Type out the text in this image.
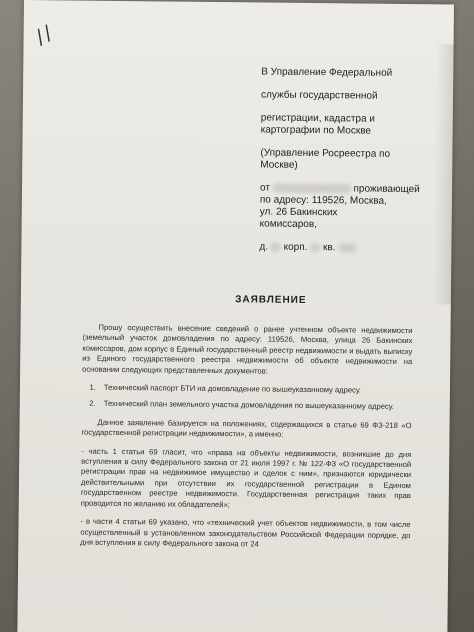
//
В Управление Федеральной
службы государственной
регистрации, кадастра и
картографии по Москве
(Управление Росреестра по
Москве)
от	проживающей
по адресу: 119526, Москва,
ул. 26 Бакинских
комиссаров,
д. корп. кв.
ЗАЯВЛЕНИЕ

Прошу осуществить внесение сведений о ранее учтенном объекте недвижимости (земельный участок домовладения по адресу: 119526, Москва, улица 26 Бакинских комиссаров, дом корпус в Единый государственный реестр недвижимости и выдать выписку из Единого государственного реестра недвижимости об объекте недвижимости на основании следующих представленных документов:

1. Технический паспорт БТИ на домовладение по вышеуказанному адресу.
2. Технический план земельного участка домовладения по вышеуказанному адресу.

Данное заявление базируется на положениях, содержащихся в статье 69 ФЗ-218 «О государственной регистрации недвижимости», а именно:

- часть 1 статьи 69 гласит, что «права на объекты недвижимости, возникшие до дня вступления в силу Федерального закона от 21 июля 1997 г. № 122-ФЗ «О государственной регистрации прав на недвижимое имущество и сделок с ним», признаются юридически действительными при отсутствии их государственной регистрации в Едином государственном реестре недвижимости. Государственная регистрация таких прав проводится по желанию их обладателей»;

- в части 4 статьи 69 указано, что «технический учет объектов недвижимости, в том числе осуществленный в установленном законодательством Российской Федерации порядке, до дня вступления в силу Федерального закона от 24
